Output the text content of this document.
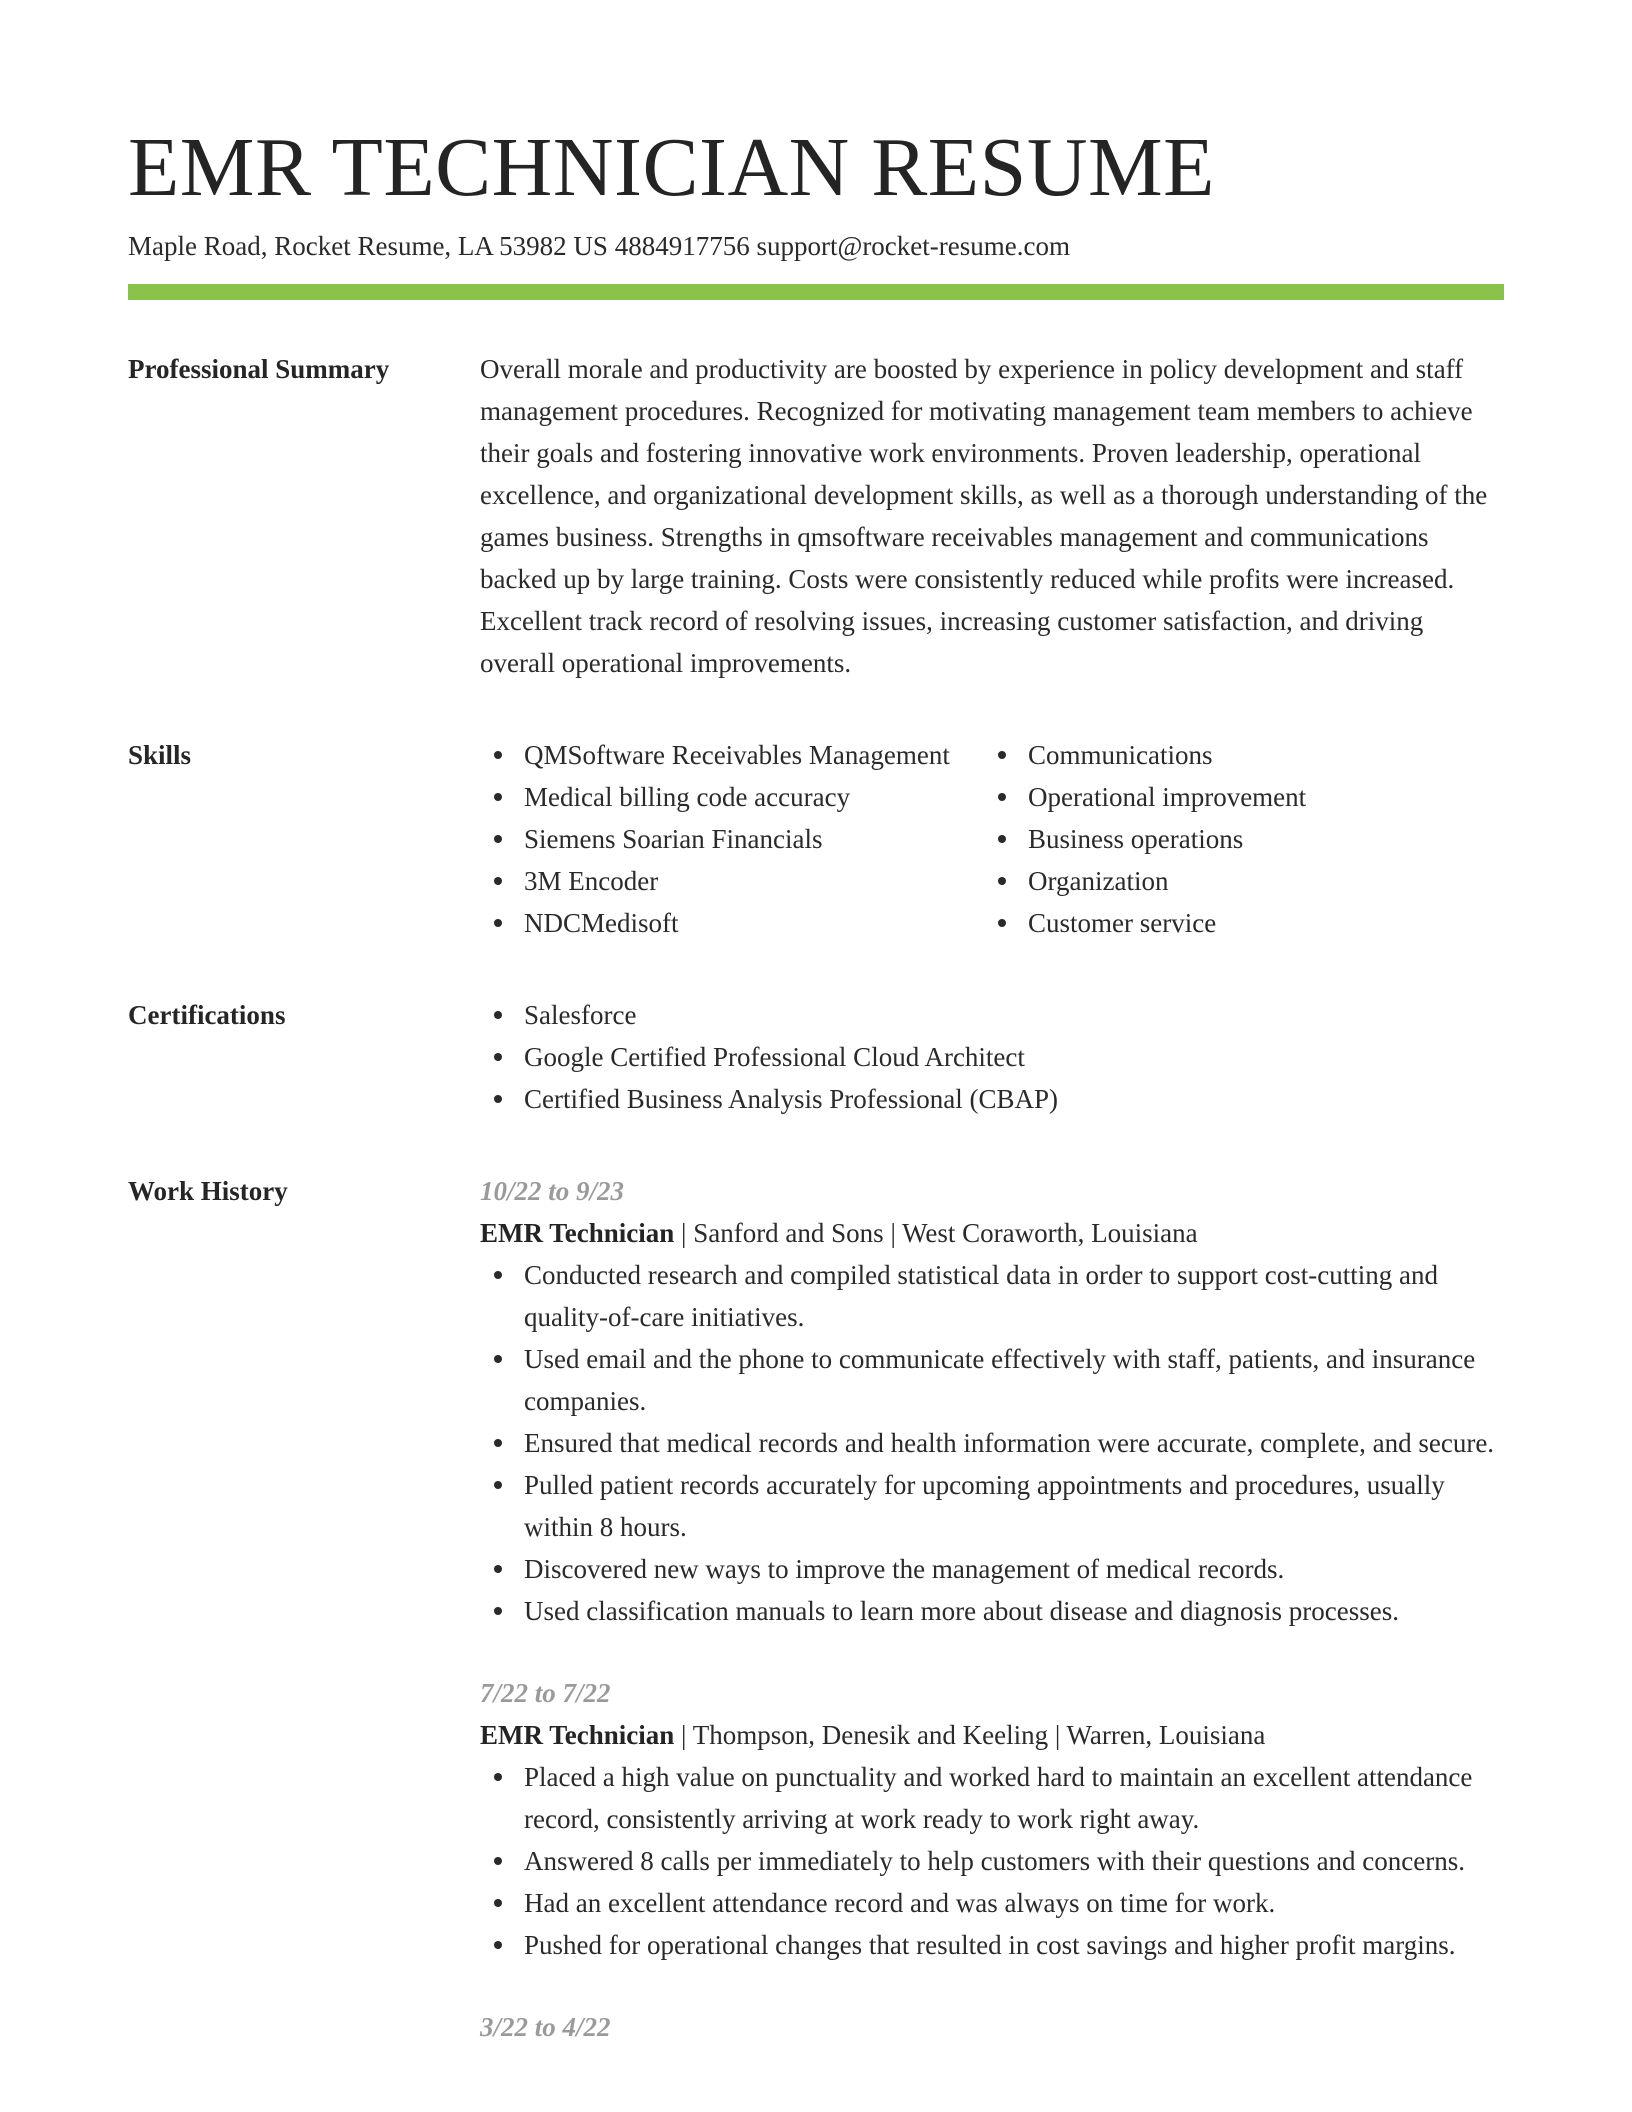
EMR TECHNICIAN RESUME
Maple Road, Rocket Resume, LA 53982 US 4884917756 support@rocket-resume.com
Professional Summary	Overall morale and productivity are boosted by experience in policy development and staff management procedures. Recognized for motivating management team members to achieve their goals and fostering innovative work environments. Proven leadership, operational excellence, and organizational development skills, as well as a thorough understanding of the games business. Strengths in qmsoftware receivables management and communications backed up by large training. Costs were consistently reduced while profits were increased. Excellent track record of resolving issues, increasing customer satisfaction, and driving overall operational improvements.

Skills	QMSoftware Receivables Management
Medical billing code accuracy
Siemens Soarian Financials
3M Encoder
NDCMedisoft
Communications
Operational improvement
Business operations
Organization
Customer service
Certifications	Salesforce
Google Certified Professional Cloud Architect
Certified Business Analysis Professional (CBAP)
Work History	10/22 to 9/23
EMR Technician | Sanford and Sons | West Coraworth, Louisiana
Conducted research and compiled statistical data in order to support cost-cutting and quality-of-care initiatives.
Used email and the phone to communicate effectively with staff, patients, and insurance companies.
Ensured that medical records and health information were accurate, complete, and secure.
Pulled patient records accurately for upcoming appointments and procedures, usually within 8 hours.
Discovered new ways to improve the management of medical records.
Used classification manuals to learn more about disease and diagnosis processes.
7/22 to 7/22
EMR Technician | Thompson, Denesik and Keeling | Warren, Louisiana
Placed a high value on punctuality and worked hard to maintain an excellent attendance record, consistently arriving at work ready to work right away.
Answered 8 calls per immediately to help customers with their questions and concerns.
Had an excellent attendance record and was always on time for work.
Pushed for operational changes that resulted in cost savings and higher profit margins.
3/22 to 4/22
